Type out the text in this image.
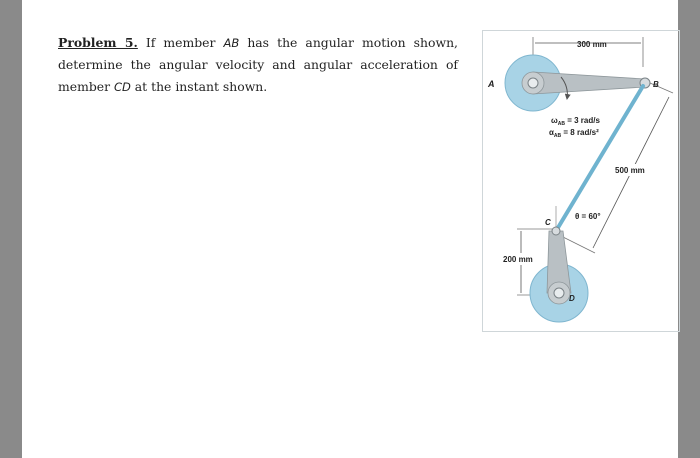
Problem 5. If member AB has the angular motion shown, determine the angular velocity and angular acceleration of member CD at the instant shown.
300 mm
500 mm
$\omega_{AB} = 3$ rad/s
$\alpha_{AB} = 8$ rad/s²
θ = 60°
200 mm
A	B
C
D
